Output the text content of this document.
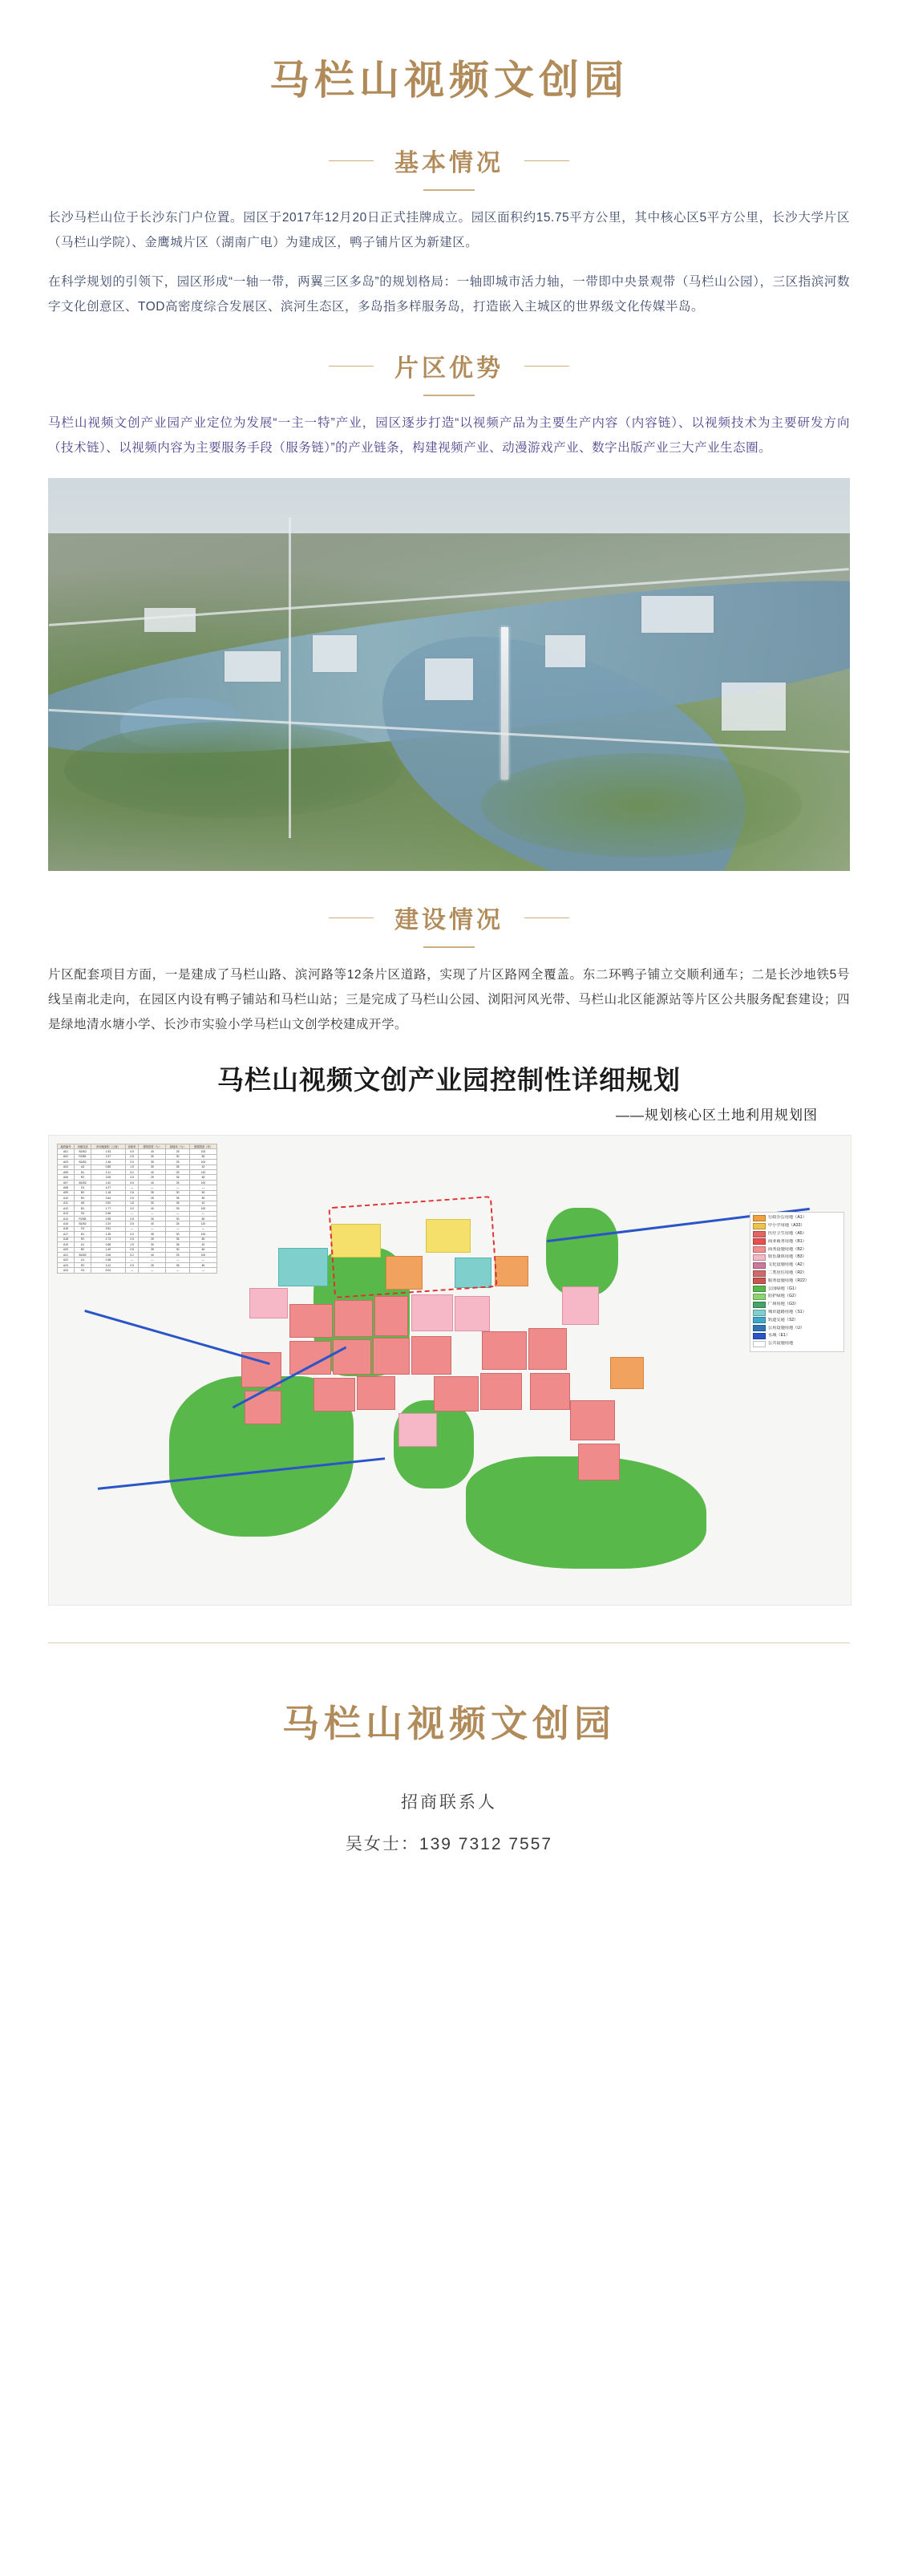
马栏山视频文创园
基本情况

长沙马栏山位于长沙东门户位置。园区于2017年12月20日正式挂牌成立。园区面积约15.75平方公里，其中核心区5平方公里，长沙大学片区（马栏山学院）、金鹰城片区（湖南广电）为建成区，鸭子铺片区为新建区。

在科学规划的引领下，园区形成“一轴一带，两翼三区多岛”的规划格局：一轴即城市活力轴，一带即中央景观带（马栏山公园），三区指滨河数字文化创意区、TOD高密度综合发展区、滨河生态区，多岛指多样服务岛，打造嵌入主城区的世界级文化传媒半岛。

片区优势

马栏山视频文创产业园产业定位为发展“一主一特”产业，园区逐步打造“以视频产品为主要生产内容（内容链）、以视频技术为主要研发方向（技术链）、以视频内容为主要服务手段（服务链）”的产业链条，构建视频产业、动漫游戏产业、数字出版产业三大产业生态圈。

建设情况

片区配套项目方面，一是建成了马栏山路、滨河路等12条片区道路，实现了片区路网全覆盖。东二环鸭子铺立交顺利通车；二是长沙地铁5号线呈南北走向，在园区内设有鸭子铺站和马栏山站；三是完成了马栏山公园、浏阳河风光带、马栏山北区能源站等片区公共服务配套建设；四是绿地清水塘小学、长沙市实验小学马栏山文创学校建成开学。

马栏山视频文创产业园控制性详细规划
——规划核心区土地利用规划图
地块编号	用地性质	净用地面积（公顷）	容积率	建筑密度（％）	绿地率（％）	建筑限高（米）
A01	B1/B2	1.93	3.5	40	25	100
A02	R2/B1	2.37	2.8	30	30	80
A03	B1/B2	1.46	3.0	35	25	100
A04	A3	0.85	1.5	30	35	40
A05	B1	2.11	3.2	40	25	120
A06	R2	3.05	2.5	25	35	80
A07	B1/B2	1.62	3.5	40	25	100
A08	G1	4.27	—	—	—	—
A09	B2	1.18	2.8	35	30	60
A10	R2	2.64	2.5	25	35	80
A11	A5	0.92	1.8	30	35	40
A12	B1	1.77	3.0	40	25	100
A13	S4	0.46	—	—	—	—
A14	R2/B1	2.98	2.8	30	30	80
A15	B1/B2	2.20	3.5	40	25	120
A16	G1	3.51	—	—	—	—
A17	B1	1.35	3.0	35	30	100
A18	R2	2.73	2.5	25	35	80
A19	A1	0.68	1.5	30	35	40
A20	B2	1.49	2.8	35	30	60
A21	B1/B2	2.06	3.2	40	25	100
A22	U1	0.38	—	—	—	—
A23	R2	3.12	2.5	25	35	80
A24	G1	5.04	—	—	—	—
行政办公用地（A1）
中小学用地（A33）
医疗卫生用地（A5）
商业商务用地（B1）
商务设施用地（B2）
娱乐康体用地（B3）
文化设施用地（A2）
二类居住用地（R2）
服务设施用地（R22）
公园绿地（G1）
防护绿地（G2）
广场用地（G3）
城市道路用地（S1）
轨道交通（S2）
公用设施用地（U）
水域（E1）
公共设施用地
马栏山视频文创园
招商联系人
吴女士：139 7312 7557
